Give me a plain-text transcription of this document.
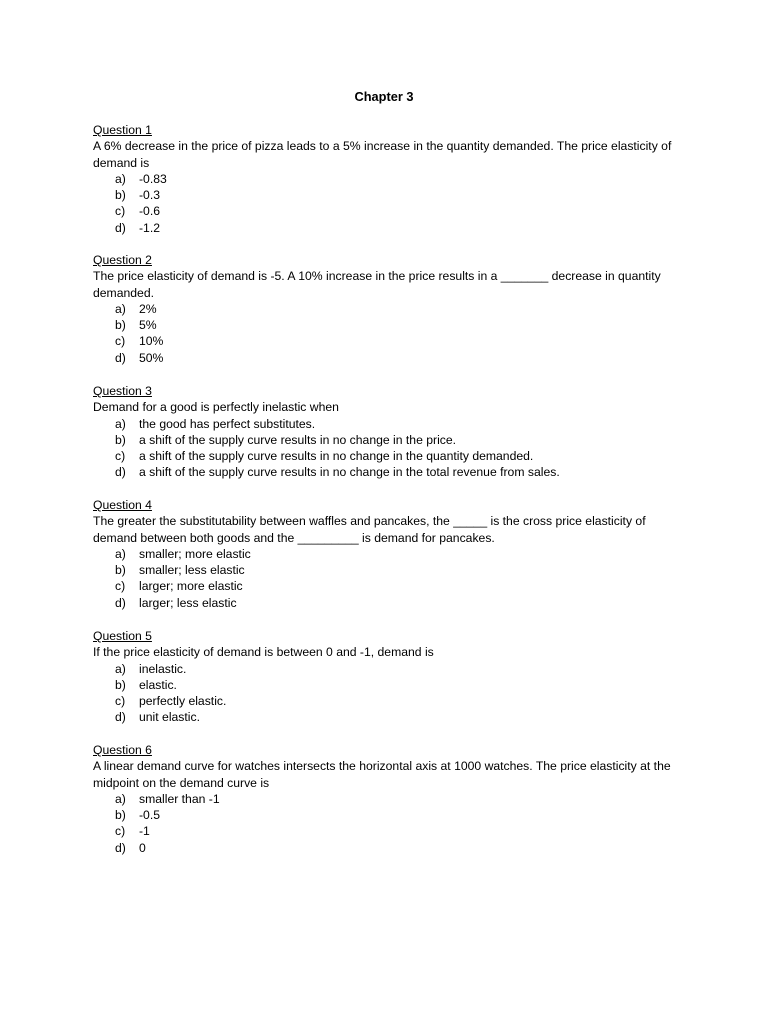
Chapter 3

Question 1

A 6% decrease in the price of pizza leads to a 5% increase in the quantity demanded. The price elasticity of demand is

a)	-0.83
b)	-0.3
c)	-0.6
d)	-1.2

Question 2

The price elasticity of demand is -5. A 10% increase in the price results in a _______ decrease in quantity demanded.

a)	2%
b)	5%
c)	10%
d)	50%

Question 3

Demand for a good is perfectly inelastic when

a)	the good has perfect substitutes.
b)	a shift of the supply curve results in no change in the price.
c)	a shift of the supply curve results in no change in the quantity demanded.
d)	a shift of the supply curve results in no change in the total revenue from sales.

Question 4

The greater the substitutability between waffles and pancakes, the _____ is the cross price elasticity of demand between both goods and the _________ is demand for pancakes.

a)	smaller; more elastic
b)	smaller; less elastic
c)	larger; more elastic
d)	larger; less elastic

Question 5

If the price elasticity of demand is between 0 and -1, demand is

a)	inelastic.
b)	elastic.
c)	perfectly elastic.
d)	unit elastic.

Question 6

A linear demand curve for watches intersects the horizontal axis at 1000 watches. The price elasticity at the midpoint on the demand curve is

a)	smaller than -1
b)	-0.5
c)	-1
d)	0
